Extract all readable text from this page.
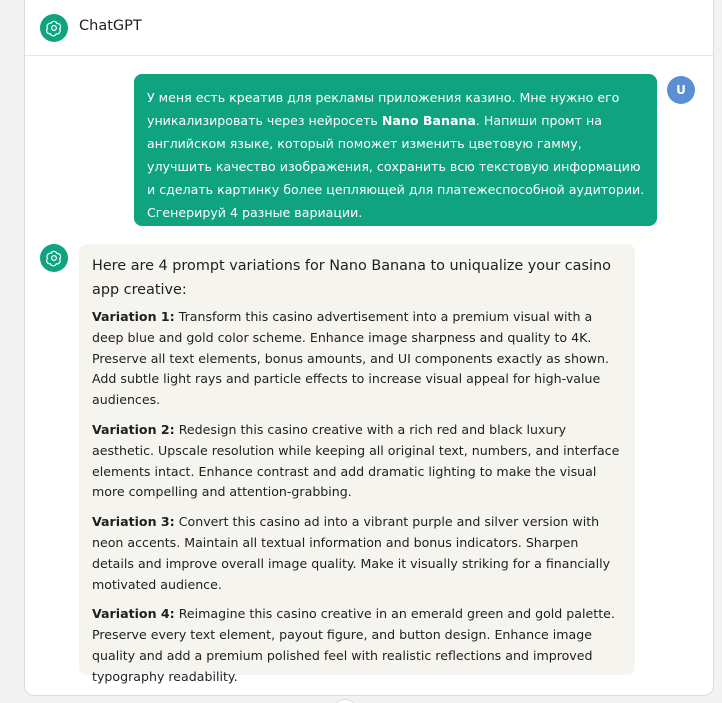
ChatGPT
У меня есть креатив для рекламы приложения казино. Мне нужно его уникализировать через нейросеть Nano Banana. Напиши промт на английском языке, который поможет изменить цветовую гамму, улучшить качество изображения, сохранить всю текстовую информацию и сделать картинку более цепляющей для платежеспособной аудитории. Сгенерируй 4 разные вариации.
U
Here are 4 prompt variations for Nano Banana to uniqualize your casino app creative:
Variation 1: Transform this casino advertisement into a premium visual with a deep blue and gold color scheme. Enhance image sharpness and quality to 4K. Preserve all text elements, bonus amounts, and UI components exactly as shown. Add subtle light rays and particle effects to increase visual appeal for high-value audiences.
Variation 2: Redesign this casino creative with a rich red and black luxury aesthetic. Upscale resolution while keeping all original text, numbers, and interface elements intact. Enhance contrast and add dramatic lighting to make the visual more compelling and attention-grabbing.
Variation 3: Convert this casino ad into a vibrant purple and silver version with neon accents. Maintain all textual information and bonus indicators. Sharpen details and improve overall image quality. Make it visually striking for a financially motivated audience.
Variation 4: Reimagine this casino creative in an emerald green and gold palette. Preserve every text element, payout figure, and button design. Enhance image quality and add a premium polished feel with realistic reflections and improved typography readability.
